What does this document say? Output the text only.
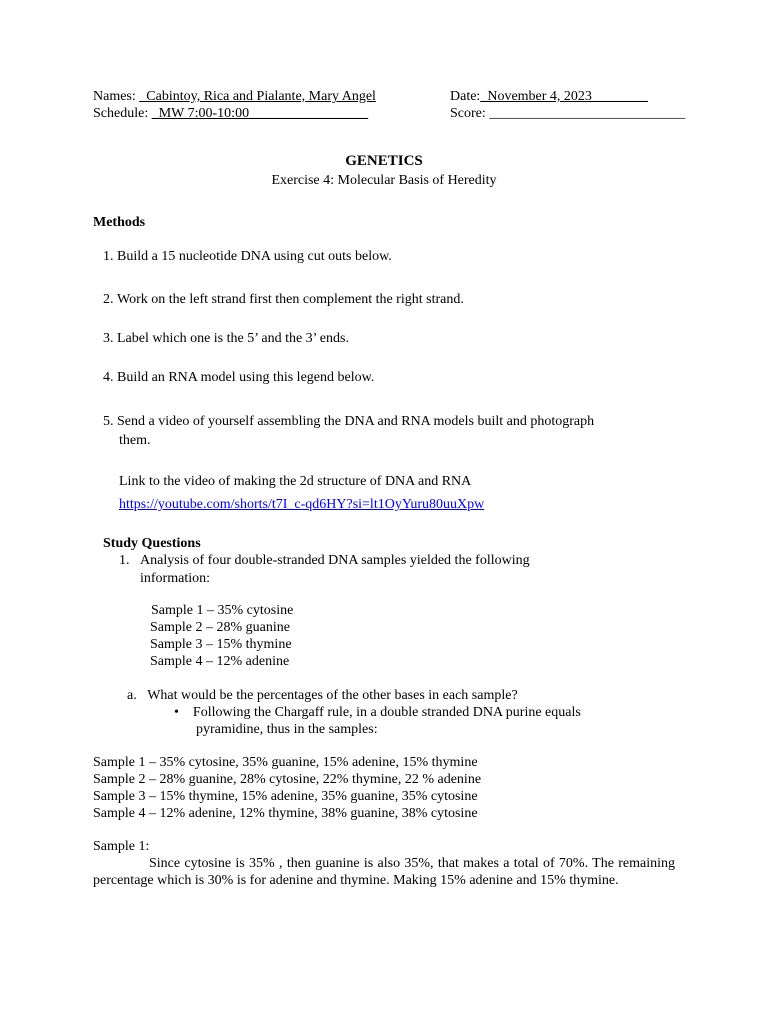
Names: _Cabintoy, Rica and Pialante, Mary Angel	Date:_November 4, 2023________
Schedule: _MW 7:00-10:00_________________	Score: ____________________________
GENETICS
Exercise 4: Molecular Basis of Heredity
Methods
1. Build a 15 nucleotide DNA using cut outs below.
2. Work on the left strand first then complement the right strand.
3. Label which one is the 5’ and the 3’ ends.
4. Build an RNA model using this legend below.
5. Send a video of yourself assembling the DNA and RNA models built and photograph
them.
Link to the video of making the 2d structure of DNA and RNA
https://youtube.com/shorts/t7I_c-qd6HY?si=lt1OyYuru80uuXpw
Study Questions
1.   Analysis of four double-stranded DNA samples yielded the following
information:
Sample 1 – 35% cytosine
Sample 2 – 28% guanine
Sample 3 – 15% thymine
Sample 4 – 12% adenine
a.   What would be the percentages of the other bases in each sample?
•    Following the Chargaff rule, in a double stranded DNA purine equals
pyramidine, thus in the samples:
Sample 1 – 35% cytosine, 35% guanine, 15% adenine, 15% thymine
Sample 2 – 28% guanine, 28% cytosine, 22% thymine, 22 % adenine
Sample 3 – 15% thymine, 15% adenine, 35% guanine, 35% cytosine
Sample 4 – 12% adenine, 12% thymine, 38% guanine, 38% cytosine
Sample 1:
Since cytosine is 35% , then guanine is also 35%, that makes a total of 70%. The remaining percentage which is 30% is for adenine and thymine. Making 15% adenine and 15% thymine.
